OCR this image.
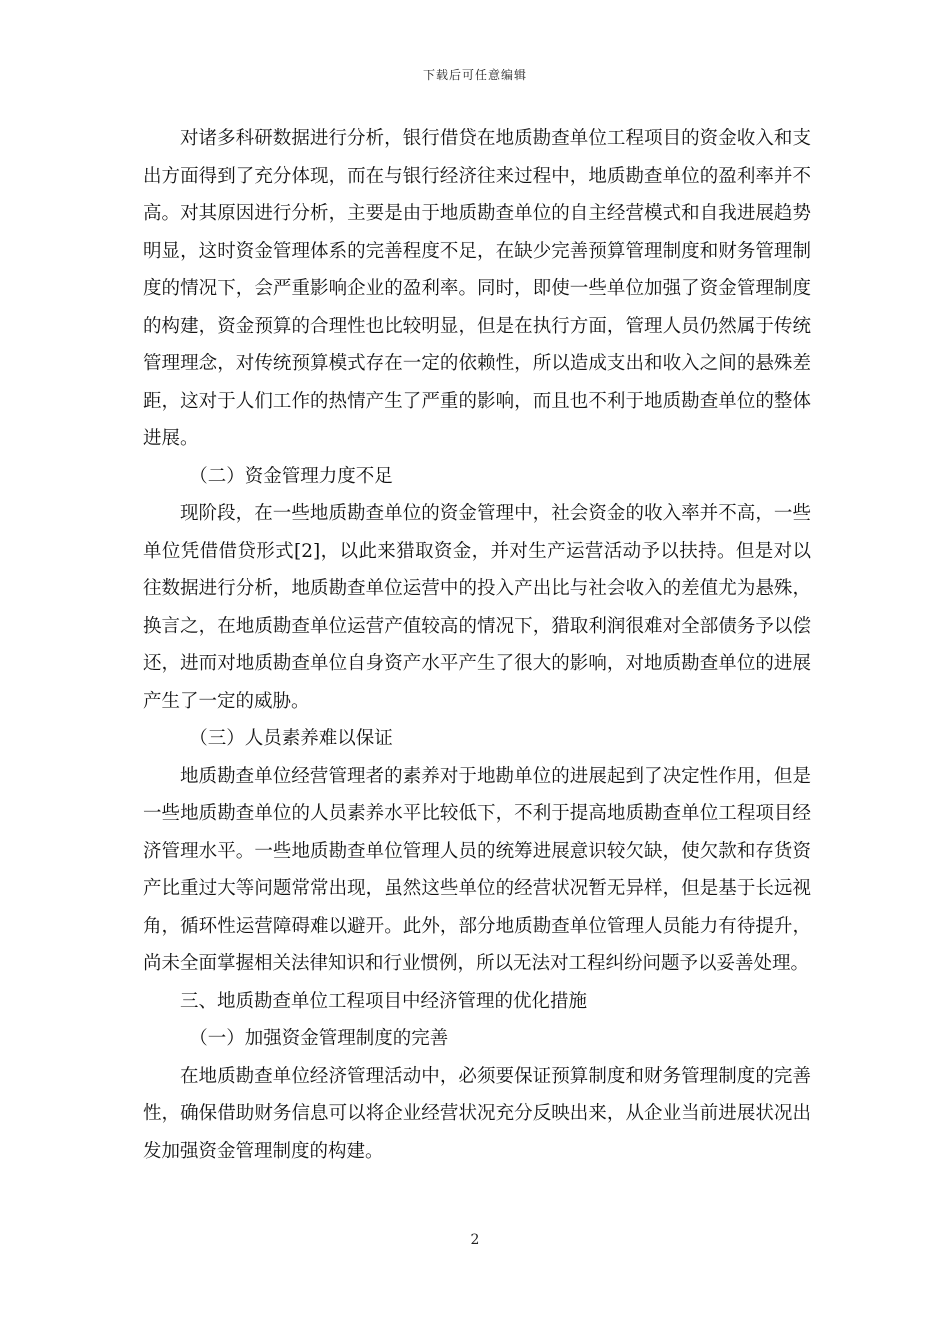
下载后可任意编辑

对诸多科研数据进行分析，银行借贷在地质勘查单位工程项目的资金收入和支出方面得到了充分体现，而在与银行经济往来过程中，地质勘查单位的盈利率并不高。对其原因进行分析，主要是由于地质勘查单位的自主经营模式和自我进展趋势明显，这时资金管理体系的完善程度不足，在缺少完善预算管理制度和财务管理制度的情况下，会严重影响企业的盈利率。同时，即使一些单位加强了资金管理制度的构建，资金预算的合理性也比较明显，但是在执行方面，管理人员仍然属于传统管理理念，对传统预算模式存在一定的依赖性，所以造成支出和收入之间的悬殊差距，这对于人们工作的热情产生了严重的影响，而且也不利于地质勘查单位的整体进展。

（二）资金管理力度不足

现阶段，在一些地质勘查单位的资金管理中，社会资金的收入率并不高，一些单位凭借借贷形式[2]，以此来猎取资金，并对生产运营活动予以扶持。但是对以往数据进行分析，地质勘查单位运营中的投入产出比与社会收入的差值尤为悬殊，换言之，在地质勘查单位运营产值较高的情况下，猎取利润很难对全部债务予以偿还，进而对地质勘查单位自身资产水平产生了很大的影响，对地质勘查单位的进展产生了一定的威胁。

（三）人员素养难以保证

地质勘查单位经营管理者的素养对于地勘单位的进展起到了决定性作用，但是一些地质勘查单位的人员素养水平比较低下，不利于提高地质勘查单位工程项目经济管理水平。一些地质勘查单位管理人员的统筹进展意识较欠缺，使欠款和存货资产比重过大等问题常常出现，虽然这些单位的经营状况暂无异样，但是基于长远视角，循环性运营障碍难以避开。此外，部分地质勘查单位管理人员能力有待提升，尚未全面掌握相关法律知识和行业惯例，所以无法对工程纠纷问题予以妥善处理。

三、地质勘查单位工程项目中经济管理的优化措施

（一）加强资金管理制度的完善

在地质勘查单位经济管理活动中，必须要保证预算制度和财务管理制度的完善性，确保借助财务信息可以将企业经营状况充分反映出来，从企业当前进展状况出发加强资金管理制度的构建。

2
